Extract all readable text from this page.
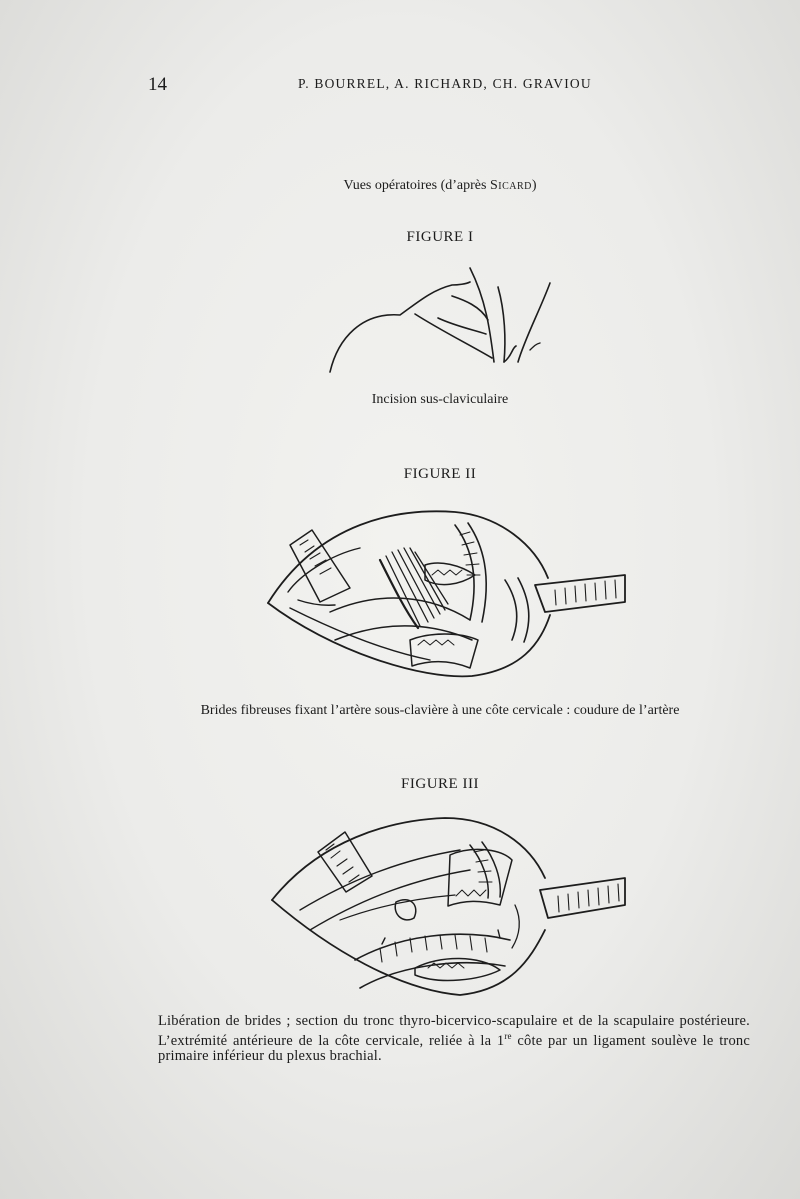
14	P. BOURREL, A. RICHARD, CH. GRAVIOU
Vues opératoires (d’après Sicard)
FIGURE I
Incision sus-claviculaire
FIGURE II
Brides fibreuses fixant l’artère sous-clavière à une côte cervicale : coudure de l’artère
FIGURE III
Libération de brides ; section du tronc thyro-bicervico-scapulaire et de la scapulaire postérieure. L’extrémité antérieure de la côte cervicale, reliée à la 1re côte par un ligament soulève le tronc primaire inférieur du plexus brachial.
